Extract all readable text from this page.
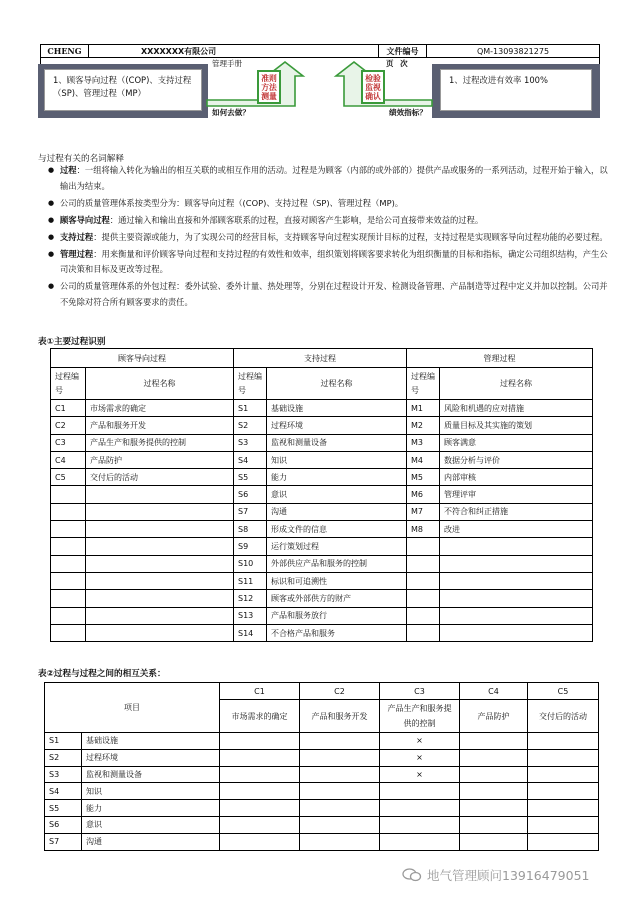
CHENG	XXXXXXX有限公司	文件编号	QM-13093821275
管理手册	页 次
1、顾客导向过程（(COP)、支持过程（SP)、管理过程（MP）
1、过程改进有效率 100%
准则
方法
测量
检验
监视
确认
如何去做？	绩效指标？
与过程有关的名词解释
● 过程：一组将输入转化为输出的相互关联的或相互作用的活动。过程是为顾客（内部的或外部的）提供产品或服务的一系列活动，过程开始于输入，以输出为结束。
● 公司的质量管理体系按类型分为：顾客导向过程（(COP)、支持过程（SP)、管理过程（MP)。
● 顾客导向过程：通过输入和输出直接和外部顾客联系的过程，直接对顾客产生影响，是给公司直接带来效益的过程。
● 支持过程：提供主要资源或能力，为了实现公司的经营目标，支持顾客导向过程实现预计目标的过程，支持过程是实现顾客导向过程功能的必要过程。
● 管理过程：用来衡量和评价顾客导向过程和支持过程的有效性和效率，组织策划将顾客要求转化为组织衡量的目标和指标，确定公司组织结构，产生公司决策和目标及更改等过程。
● 公司的质量管理体系的外包过程：委外试验、委外计量、热处理等，分别在过程设计开发、检测设备管理、产品制造等过程中定义并加以控制。公司并不免除对符合所有顾客要求的责任。
表①主要过程识别
顾客导向过程		支持过程		管理过程	
过程编号	过程名称	过程编号	过程名称	过程编号	过程名称
C1	市场需求的确定	S1	基础设施	M1	风险和机遇的应对措施
C2	产品和服务开发	S2	过程环境	M2	质量目标及其实施的策划
C3	产品生产和服务提供的控制	S3	监视和测量设备	M3	顾客满意
C4	产品防护	S4	知识	M4	数据分析与评价
C5	交付后的活动	S5	能力	M5	内部审核
		S6	意识	M6	管理评审
		S7	沟通	M7	不符合和纠正措施
		S8	形成文件的信息	M8	改进
		S9	运行策划过程		
		S10	外部供应产品和服务的控制		
		S11	标识和可追溯性		
		S12	顾客或外部供方的财产		
		S13	产品和服务放行		
		S14	不合格产品和服务		
表②过程与过程之间的相互关系：
项目		C1	C2	C3	C4	C5
		市场需求的确定	产品和服务开发	产品生产和服务提供的控制	产品防护	交付后的活动
S1	基础设施			×		
S2	过程环境			×		
S3	监视和测量设备			×		
S4	知识					
S5	能力					
S6	意识					
S7	沟通					
地气管理顾问13916479051
